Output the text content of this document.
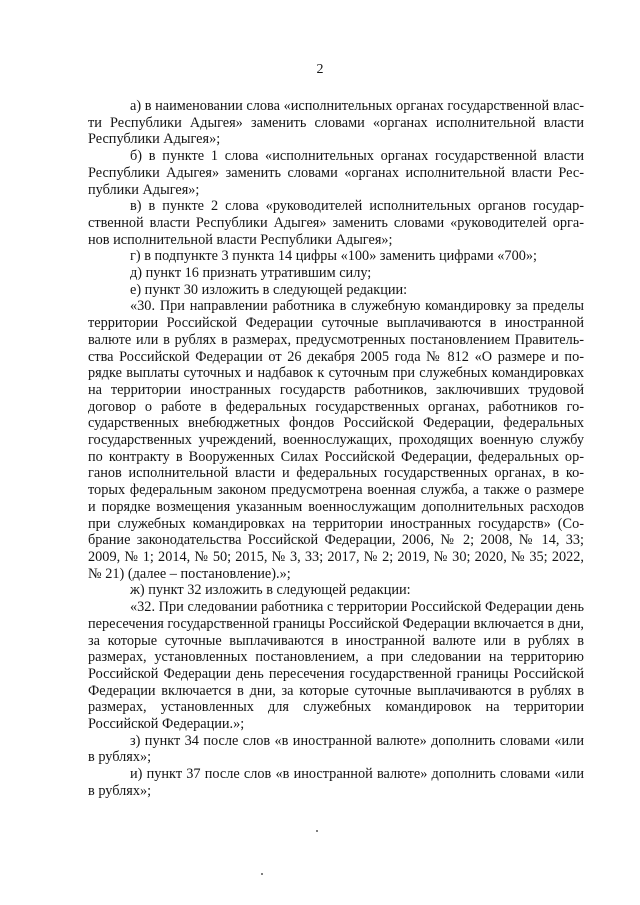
2

а) в наименовании слова «исполнительных органах государственной власти Республики Адыгея» заменить словами «органах исполнительной власти Республики Адыгея»;

б) в пункте 1 слова «исполнительных органах государственной власти Республики Адыгея» заменить словами «органах исполнительной власти Республики Адыгея»;

в) в пункте 2 слова «руководителей исполнительных органов государственной власти Республики Адыгея» заменить словами «руководителей органов исполнительной власти Республики Адыгея»;

г) в подпункте 3 пункта 14 цифры «100» заменить цифрами «700»;

д) пункт 16 признать утратившим силу;

е) пункт 30 изложить в следующей редакции:

«30. При направлении работника в служебную командировку за пределы территории Российской Федерации суточные выплачиваются в иностранной валюте или в рублях в размерах, предусмотренных постановлением Правительства Российской Федерации от 26 декабря 2005 года № 812 «О размере и порядке выплаты суточных и надбавок к суточным при служебных командировках на территории иностранных государств работников, заключивших трудовой договор о работе в федеральных государственных органах, работников государственных внебюджетных фондов Российской Федерации, федеральных государственных учреждений, военнослужащих, проходящих военную службу по контракту в Вооруженных Силах Российской Федерации, федеральных органов исполнительной власти и федеральных государственных органах, в которых федеральным законом предусмотрена военная служба, а также о размере и порядке возмещения указанным военнослужащим дополнительных расходов при служебных командировках на территории иностранных государств» (Собрание законодательства Российской Федерации, 2006, № 2; 2008, № 14, 33; 2009, № 1; 2014, № 50; 2015, № 3, 33; 2017, № 2; 2019, № 30; 2020, № 35; 2022, № 21) (далее – постановление).»;

ж) пункт 32 изложить в следующей редакции:

«32. При следовании работника с территории Российской Федерации день пересечения государственной границы Российской Федерации включается в дни, за которые суточные выплачиваются в иностранной валюте или в рублях в размерах, установленных постановлением, а при следовании на территорию Российской Федерации день пересечения государственной границы Российской Федерации включается в дни, за которые суточные выплачиваются в рублях в размерах, установленных для служебных командировок на территории Российской Федерации.»;

з) пункт 34 после слов «в иностранной валюте» дополнить словами «или в рублях»;

и) пункт 37 после слов «в иностранной валюте» дополнить словами «или в рублях»;
